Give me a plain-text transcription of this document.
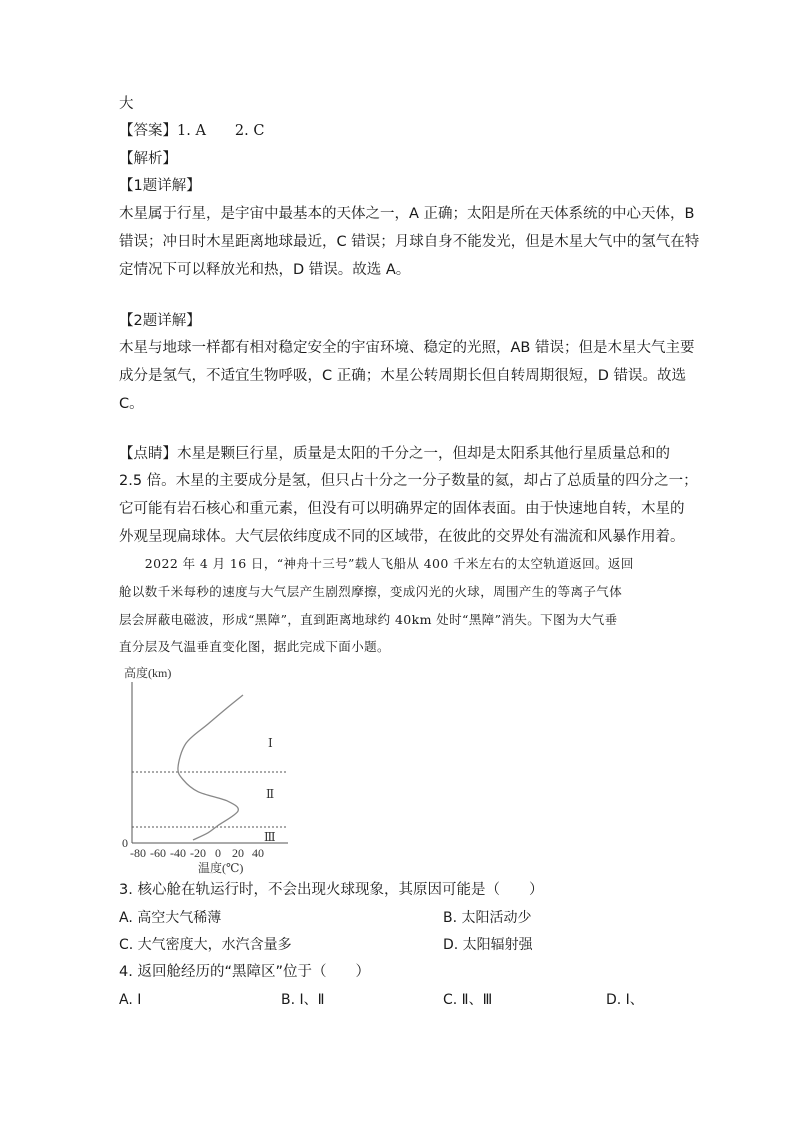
大
【答案】1. A　　2. C
【解析】
【1题详解】
木星属于行星，是宇宙中最基本的天体之一，A 正确；太阳是所在天体系统的中心天体，B
错误；冲日时木星距离地球最近，C 错误；月球自身不能发光，但是木星大气中的氢气在特
定情况下可以释放光和热，D 错误。故选 A。
【2题详解】
木星与地球一样都有相对稳定安全的宇宙环境、稳定的光照，AB 错误；但是木星大气主要
成分是氢气，不适宜生物呼吸，C 正确；木星公转周期长但自转周期很短，D 错误。故选
C。
【点睛】木星是颗巨行星，质量是太阳的千分之一，但却是太阳系其他行星质量总和的
2.5 倍。木星的主要成分是氢，但只占十分之一分子数量的氦，却占了总质量的四分之一；
它可能有岩石核心和重元素，但没有可以明确界定的固体表面。由于快速地自转，木星的
外观呈现扁球体。大气层依纬度成不同的区域带，在彼此的交界处有湍流和风暴作用着。
　　2022 年 4 月 16 日，“神舟十三号”载人飞船从 400 千米左右的太空轨道返回。返回
舱以数千米每秒的速度与大气层产生剧烈摩擦，变成闪光的火球，周围产生的等离子气体
层会屏蔽电磁波，形成“黑障”，直到距离地球约 40km 处时“黑障”消失。下图为大气垂
直分层及气温垂直变化图，据此完成下面小题。
高度(km)
Ⅰ
Ⅱ
Ⅲ
0
-80 -60 -40 -20 0 20 40
温度(℃)
3. 核心舱在轨运行时，不会出现火球现象，其原因可能是（　　）
A. 高空大气稀薄	B. 太阳活动少
C. 大气密度大，水汽含量多	D. 太阳辐射强
4. 返回舱经历的“黑障区”位于（　　）
A. Ⅰ	B. Ⅰ、Ⅱ	C. Ⅱ、Ⅲ	D. Ⅰ、
